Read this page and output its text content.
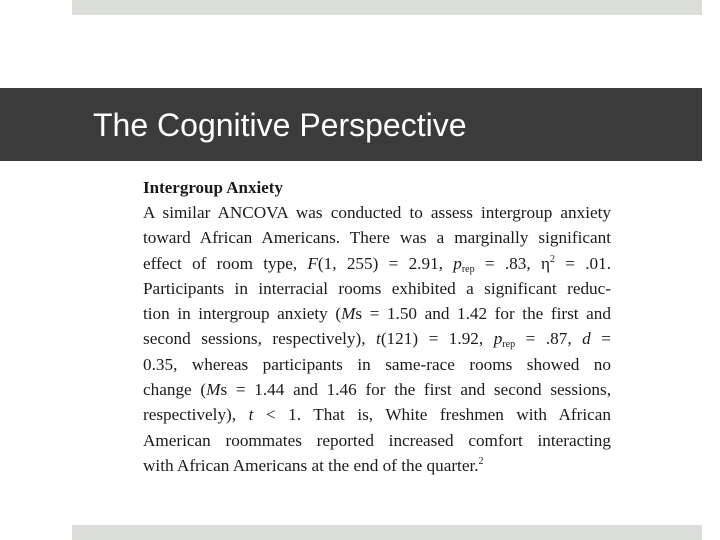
The Cognitive Perspective
Intergroup Anxiety
A similar ANCOVA was conducted to assess intergroup anxiety
toward African Americans. There was a marginally significant
effect of room type, F(1, 255) = 2.91, $p_{rep} = .83$, $\eta^2 = .01$.
Participants in interracial rooms exhibited a significant reduc-
tion in intergroup anxiety (Ms = 1.50 and 1.42 for the first and
second sessions, respectively), t(121) = 1.92, $p_{rep} = .87$, d =
0.35, whereas participants in same-race rooms showed no
change (Ms = 1.44 and 1.46 for the first and second sessions,
respectively), t < 1. That is, White freshmen with African
American roommates reported increased comfort interacting
with African Americans at the end of the quarter.$^2$
